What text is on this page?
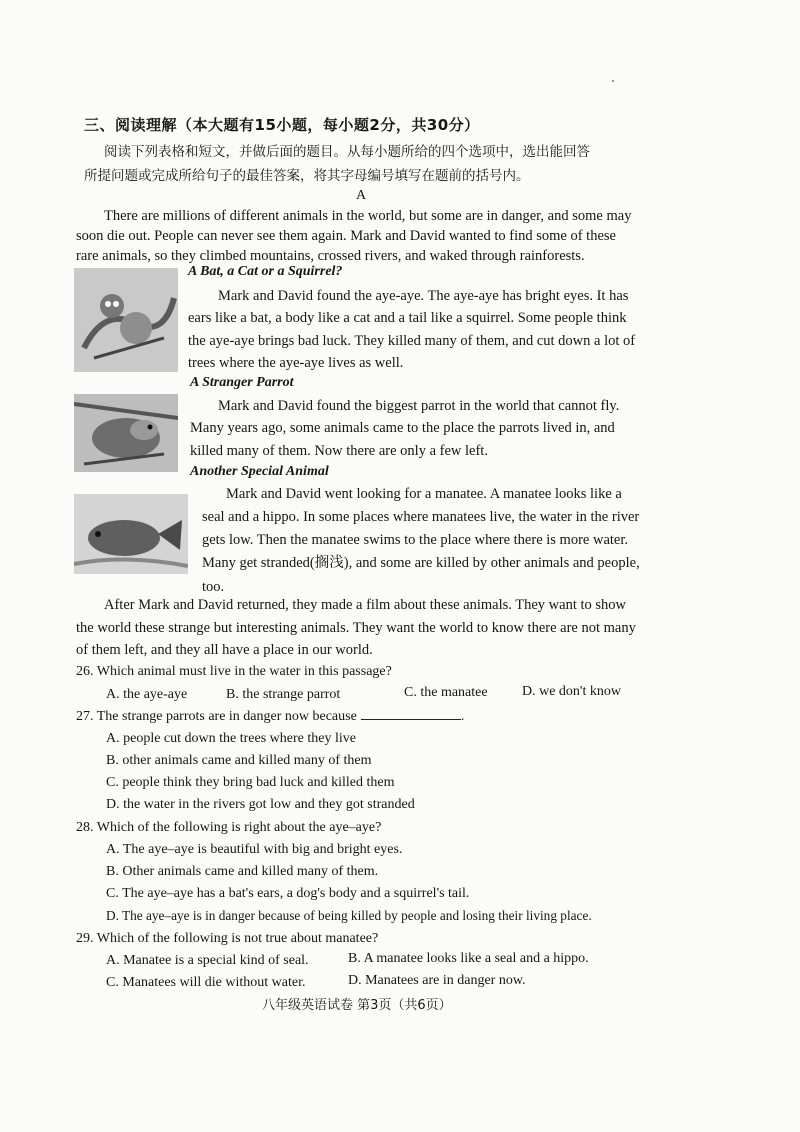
三、阅读理解（本大题有15小题，每小题2分，共30分）
阅读下列表格和短文，并做后面的题目。从每小题所给的四个选项中，选出能回答
所提问题或完成所给句子的最佳答案，将其字母编号填写在题前的括号内。
A
There are millions of different animals in the world, but some are in danger, and some may
soon die out. People can never see them again. Mark and David wanted to find some of these
rare animals, so they climbed mountains, crossed rivers, and waked through rainforests.
A Bat, a Cat or a Squirrel?
Mark and David found the aye-aye. The aye-aye has bright eyes. It has
ears like a bat, a body like a cat and a tail like a squirrel. Some people think
the aye-aye brings bad luck. They killed many of them, and cut down a lot of
trees where the aye-aye lives as well.
A Stranger Parrot
Mark and David found the biggest parrot in the world that cannot fly.
Many years ago, some animals came to the place the parrots lived in, and
killed many of them. Now there are only a few left.
Another Special Animal
Mark and David went looking for a manatee. A manatee looks like a
seal and a hippo. In some places where manatees live, the water in the river
gets low. Then the manatee swims to the place where there is more water.
Many get stranded(搁浅), and some are killed by other animals and people,
too.
After Mark and David returned, they made a film about these animals. They want to show
the world these strange but interesting animals. They want the world to know there are not many
of them left, and they all have a place in our world.
26. Which animal must live in the water in this passage?
A. the aye-aye	B. the strange parrot	C. the manatee D. we don't know
27. The strange parrots are in danger now because	.
A. people cut down the trees where they live
B. other animals came and killed many of them
C. people think they bring bad luck and killed them
D. the water in the rivers got low and they got stranded
28. Which of the following is right about the aye–aye?
A. The aye–aye is beautiful with big and bright eyes.
B. Other animals came and killed many of them.
C. The aye–aye has a bat's ears, a dog's body and a squirrel's tail.
D. The aye–aye is in danger because of being killed by people and losing their living place.
29. Which of the following is not true about manatee?
A. Manatee is a special kind of seal.	B. A manatee looks like a seal and a hippo.
C. Manatees will die without water.	D. Manatees are in danger now.
八年级英语试卷 第3页（共6页）
